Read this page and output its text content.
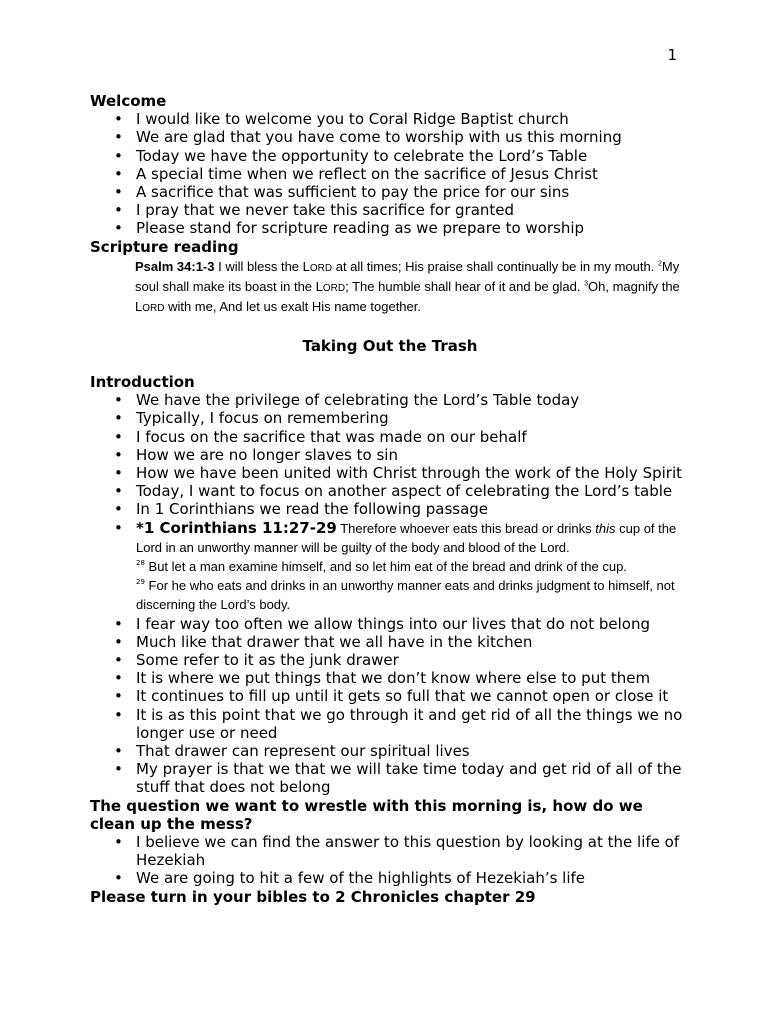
1
Welcome
• I would like to welcome you to Coral Ridge Baptist church
• We are glad that you have come to worship with us this morning
• Today we have the opportunity to celebrate the Lord’s Table
• A special time when we reflect on the sacrifice of Jesus Christ
• A sacrifice that was sufficient to pay the price for our sins
• I pray that we never take this sacrifice for granted
• Please stand for scripture reading as we prepare to worship
Scripture reading
Psalm 34:1-3 I will bless the LORD at all times; His praise shall continually be in my mouth. $^2$My soul shall make its boast in the LORD; The humble shall hear of it and be glad. $^3$Oh, magnify the LORD with me, And let us exalt His name together.
Taking Out the Trash
Introduction
• We have the privilege of celebrating the Lord’s Table today
• Typically, I focus on remembering
• I focus on the sacrifice that was made on our behalf
• How we are no longer slaves to sin
• How we have been united with Christ through the work of the Holy Spirit
• Today, I want to focus on another aspect of celebrating the Lord’s table
• In 1 Corinthians we read the following passage
• *1 Corinthians 11:27-29 Therefore whoever eats this bread or drinks this cup of the Lord in an unworthy manner will be guilty of the body and blood of the Lord.
$^{28}$ But let a man examine himself, and so let him eat of the bread and drink of the cup.
$^{29}$ For he who eats and drinks in an unworthy manner eats and drinks judgment to himself, not discerning the Lord’s body.
• I fear way too often we allow things into our lives that do not belong
• Much like that drawer that we all have in the kitchen
• Some refer to it as the junk drawer
• It is where we put things that we don’t know where else to put them
• It continues to fill up until it gets so full that we cannot open or close it
• It is as this point that we go through it and get rid of all the things we no longer use or need
• That drawer can represent our spiritual lives
• My prayer is that we that we will take time today and get rid of all of the stuff that does not belong
The question we want to wrestle with this morning is, how do we clean up the mess?
• I believe we can find the answer to this question by looking at the life of Hezekiah
• We are going to hit a few of the highlights of Hezekiah’s life
Please turn in your bibles to 2 Chronicles chapter 29
